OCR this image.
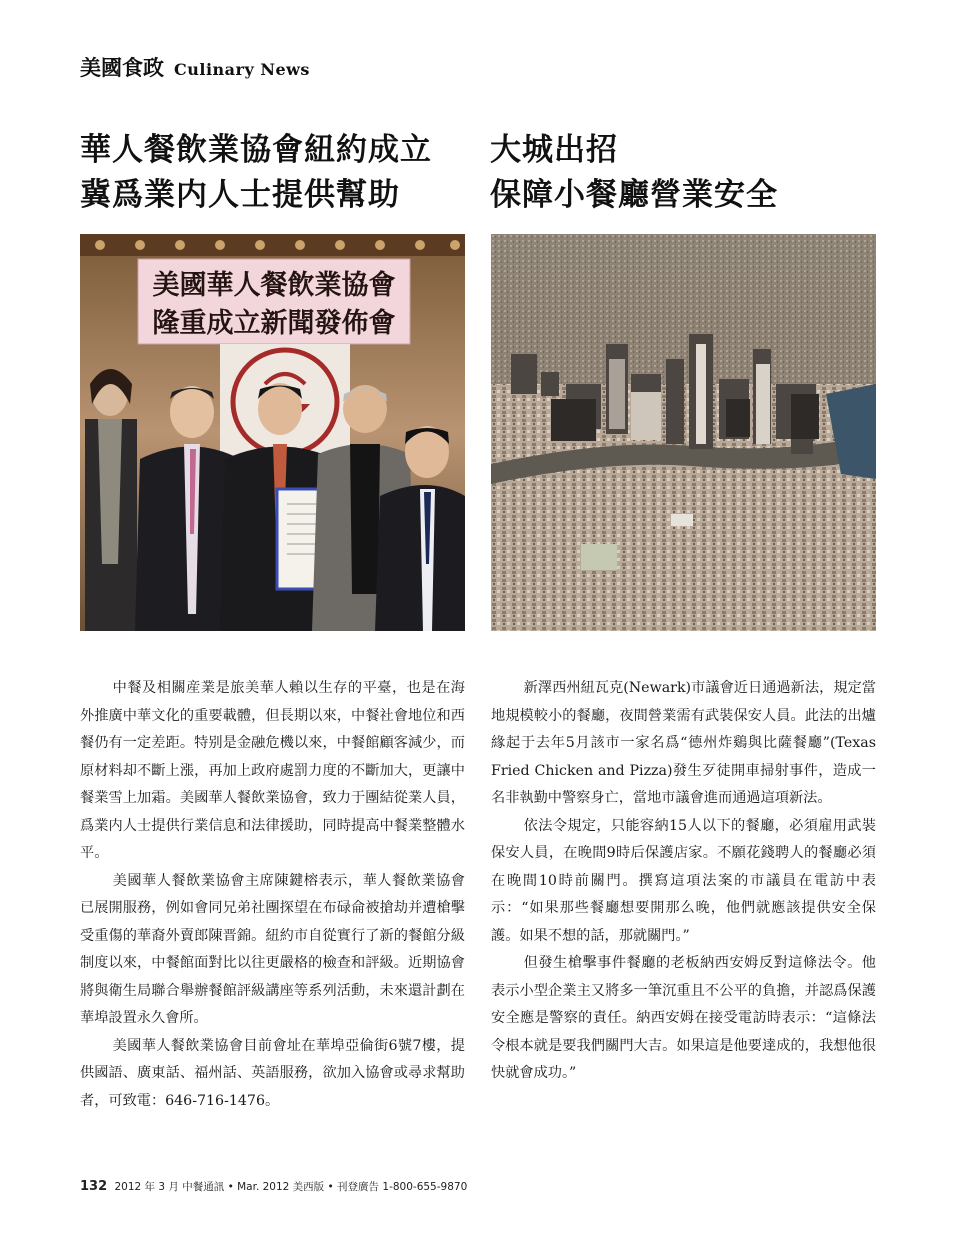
美國食政 Culinary News
華人餐飲業協會紐約成立
冀爲業内人士提供幫助
大城出招
保障小餐廳營業安全
美國華人餐飲業協會
隆重成立新聞發佈會

中餐及相關産業是旅美華人賴以生存的平臺，也是在海外推廣中華文化的重要載體，但長期以來，中餐社會地位和西餐仍有一定差距。特别是金融危機以來，中餐館顧客減少，而原材料却不斷上漲，再加上政府處罰力度的不斷加大，更讓中餐業雪上加霜。美國華人餐飲業協會，致力于團結從業人員，爲業内人士提供行業信息和法律援助，同時提高中餐業整體水平。

美國華人餐飲業協會主席陳鍵榕表示，華人餐飲業協會已展開服務，例如會同兄弟社團探望在布碌侖被搶劫并遭槍擊受重傷的華裔外賣郎陳晋錦。紐約市自從實行了新的餐館分級制度以來，中餐館面對比以往更嚴格的檢查和評級。近期協會將與衛生局聯合舉辦餐館評級講座等系列活動，未來還計劃在華埠設置永久會所。

美國華人餐飲業協會目前會址在華埠亞倫街6號7樓，提供國語、廣東話、福州話、英語服務，欲加入協會或尋求幫助者，可致電：646-716-1476。

新澤西州紐瓦克(Newark)市議會近日通過新法，規定當地規模較小的餐廳，夜間營業需有武裝保安人員。此法的出爐緣起于去年5月該市一家名爲“德州炸鷄與比薩餐廳”(Texas Fried Chicken and Pizza)發生歹徒開車掃射事件，造成一名非執勤中警察身亡，當地市議會進而通過這項新法。

依法令規定，只能容納15人以下的餐廳，必須雇用武裝保安人員，在晚間9時后保護店家。不願花錢聘人的餐廳必須在晚間10時前關門。撰寫這項法案的市議員在電訪中表示：“如果那些餐廳想要開那么晚，他們就應該提供安全保護。如果不想的話，那就關門。”

但發生槍擊事件餐廳的老板納西安姆反對這條法令。他表示小型企業主又將多一筆沉重且不公平的負擔，并認爲保護安全應是警察的責任。納西安姆在接受電訪時表示：“這條法令根本就是要我們關門大吉。如果這是他要達成的，我想他很快就會成功。”

132 2012 年 3 月 中餐通訊 • Mar. 2012 美西版 • 刊登廣告 1-800-655-9870
